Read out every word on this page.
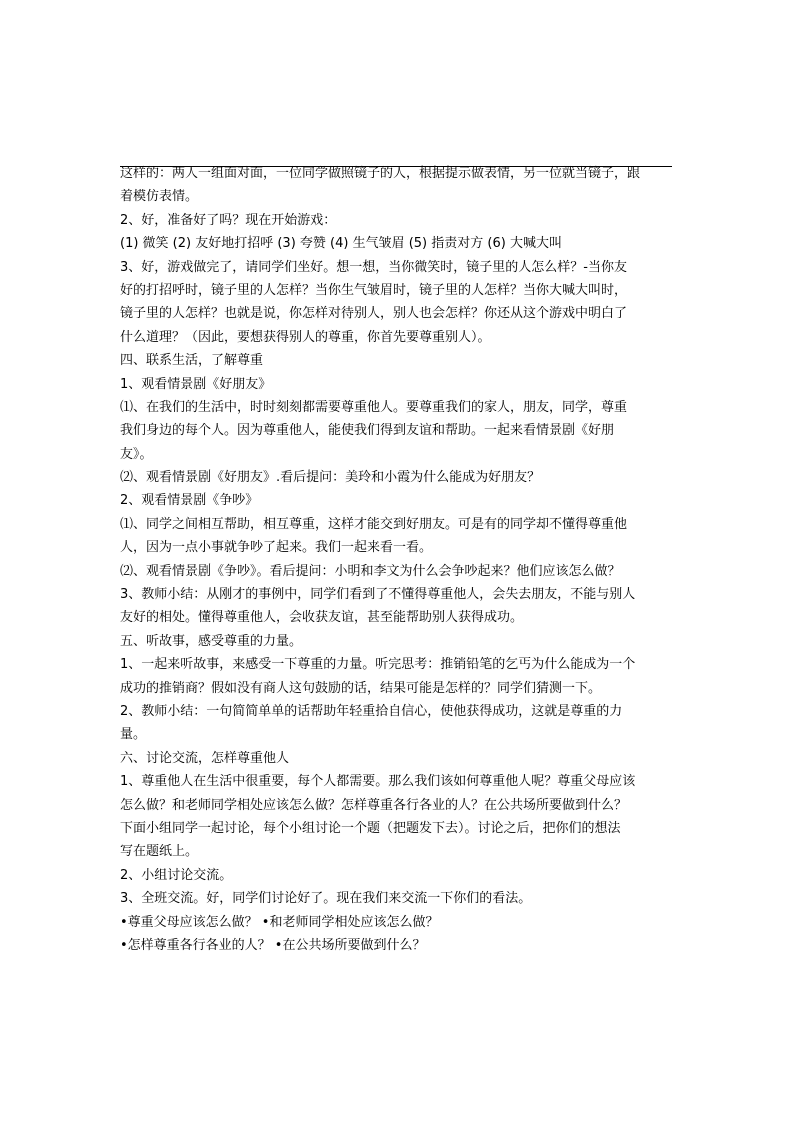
这样的：两人一组面对面，一位同学做照镜子的人，根据提示做表情，另一位就当镜子，跟
着模仿表情。
2、好，准备好了吗？现在开始游戏：
(1) 微笑 (2) 友好地打招呼 (3) 夸赞 (4) 生气皱眉 (5) 指责对方 (6) 大喊大叫
3、好，游戏做完了，请同学们坐好。想一想，当你微笑时，镜子里的人怎么样？-当你友
好的打招呼时，镜子里的人怎样？当你生气皱眉时，镜子里的人怎样？当你大喊大叫时，
镜子里的人怎样？也就是说，你怎样对待别人，别人也会怎样？你还从这个游戏中明白了
什么道理？（因此，要想获得别人的尊重，你首先要尊重别人）。
四、联系生活，了解尊重
1、观看情景剧《好朋友》
⑴、在我们的生活中，时时刻刻都需要尊重他人。要尊重我们的家人，朋友，同学，尊重
我们身边的每个人。因为尊重他人，能使我们得到友谊和帮助。一起来看情景剧《好朋
友》。
⑵、观看情景剧《好朋友》.看后提问：美玲和小霞为什么能成为好朋友？
2、观看情景剧《争吵》
⑴、同学之间相互帮助，相互尊重，这样才能交到好朋友。可是有的同学却不懂得尊重他
人，因为一点小事就争吵了起来。我们一起来看一看。
⑵、观看情景剧《争吵》。看后提问：小明和李文为什么会争吵起来？他们应该怎么做？
3、教师小结：从刚才的事例中，同学们看到了不懂得尊重他人，会失去朋友，不能与别人
友好的相处。懂得尊重他人，会收获友谊，甚至能帮助别人获得成功。
五、听故事，感受尊重的力量。
1、一起来听故事，来感受一下尊重的力量。听完思考：推销铅笔的乞丐为什么能成为一个
成功的推销商？假如没有商人这句鼓励的话，结果可能是怎样的？同学们猜测一下。
2、教师小结：一句简简单单的话帮助年轻重拾自信心，使他获得成功，这就是尊重的力
量。
六、讨论交流，怎样尊重他人
1、尊重他人在生活中很重要，每个人都需要。那么我们该如何尊重他人呢？尊重父母应该
怎么做？和老师同学相处应该怎么做？怎样尊重各行各业的人？在公共场所要做到什么？
下面小组同学一起讨论，每个小组讨论一个题（把题发下去）。讨论之后，把你们的想法
写在题纸上。
2、小组讨论交流。
3、全班交流。好，同学们讨论好了。现在我们来交流一下你们的看法。
•尊重父母应该怎么做？ •和老师同学相处应该怎么做？
•怎样尊重各行各业的人？ •在公共场所要做到什么？
